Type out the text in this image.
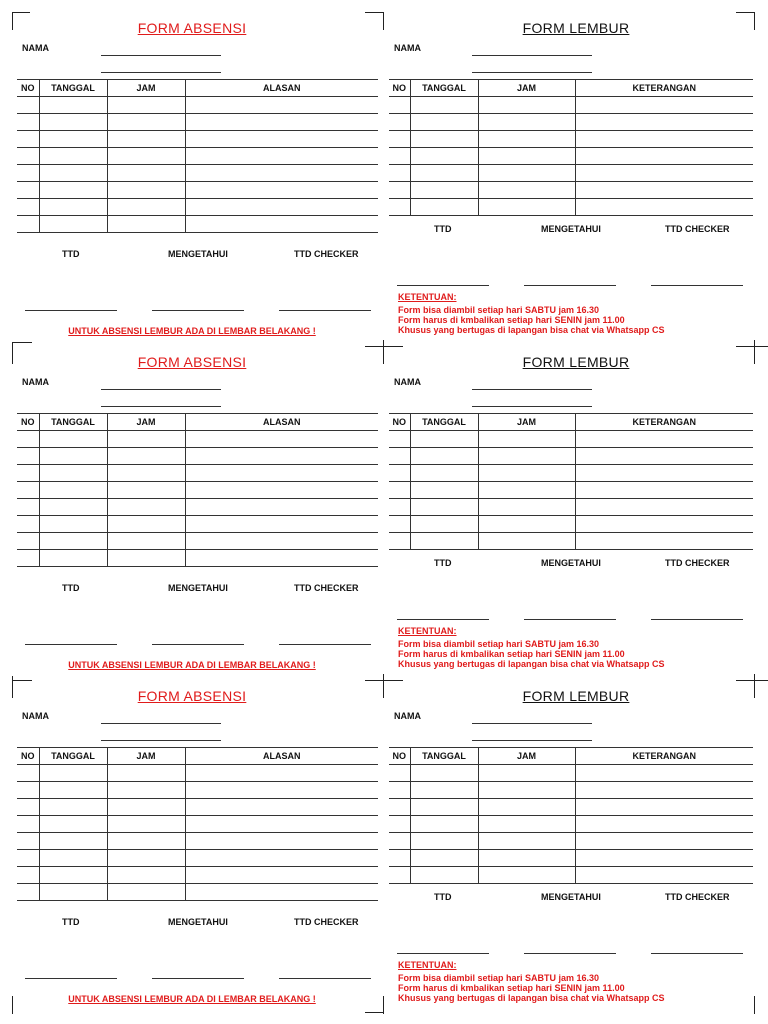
FORM ABSENSI
NAMA
NO	TANGGAL	JAM	ALASAN

TTD	MENGETAHUI	TTD CHECKER
UNTUK ABSENSI LEMBUR ADA DI LEMBAR BELAKANG !
FORM LEMBUR
NAMA
NO	TANGGAL	JAM	KETERANGAN

TTD	MENGETAHUI	TTD CHECKER
KETENTUAN:
Form bisa diambil setiap hari SABTU jam 16.30
Form harus di kmbalikan setiap hari SENIN jam 11.00
Khusus yang bertugas di lapangan bisa chat via Whatsapp CS
FORM ABSENSI
NAMA
NO	TANGGAL	JAM	ALASAN

TTD	MENGETAHUI	TTD CHECKER
UNTUK ABSENSI LEMBUR ADA DI LEMBAR BELAKANG !
FORM LEMBUR
NAMA
NO	TANGGAL	JAM	KETERANGAN

TTD	MENGETAHUI	TTD CHECKER
KETENTUAN:
Form bisa diambil setiap hari SABTU jam 16.30
Form harus di kmbalikan setiap hari SENIN jam 11.00
Khusus yang bertugas di lapangan bisa chat via Whatsapp CS
FORM ABSENSI
NAMA
NO	TANGGAL	JAM	ALASAN

TTD	MENGETAHUI	TTD CHECKER
UNTUK ABSENSI LEMBUR ADA DI LEMBAR BELAKANG !
FORM LEMBUR
NAMA
NO	TANGGAL	JAM	KETERANGAN

TTD	MENGETAHUI	TTD CHECKER
KETENTUAN:
Form bisa diambil setiap hari SABTU jam 16.30
Form harus di kmbalikan setiap hari SENIN jam 11.00
Khusus yang bertugas di lapangan bisa chat via Whatsapp CS
